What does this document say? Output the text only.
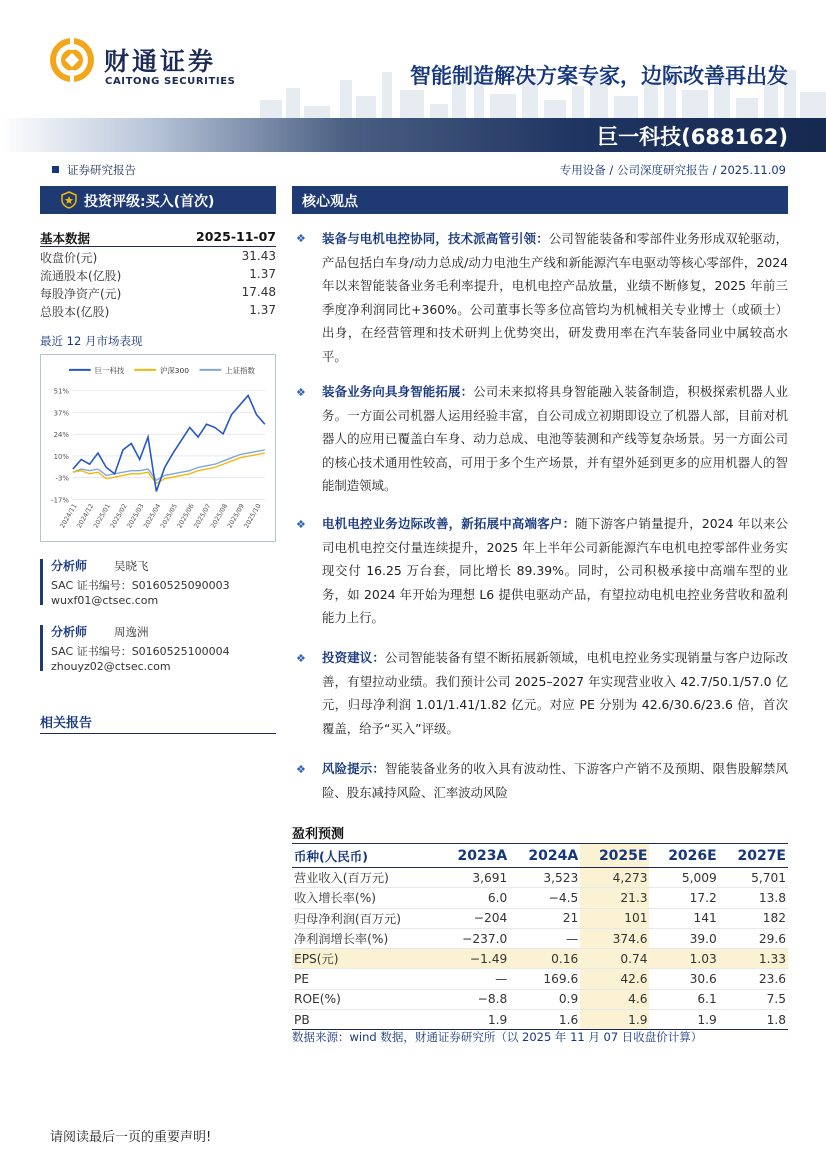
财通证券
CAITONG SECURITIES	智能制造解决方案专家，边际改善再出发
巨一科技(688162)
证券研究报告	专用设备 / 公司深度研究报告 / 2025.11.09
投资评级:买入(首次)
基本数据	2025-11-07
收盘价(元)	31.43
流通股本(亿股)	1.37
每股净资产(元)	17.48
总股本(亿股)	1.37
最近 12 月市场表现
巨一科技	沪深300	上证指数
51%
37%
24%
10%
-3%
-17%
2024/11
2024/12
2025/01
2025/02
2025/03
2025/04
2025/05
2025/06
2025/07
2025/08
2025/09
2025/10
分析师 吴晓飞
SAC 证书编号：S0160525090003
wuxf01@ctsec.com
分析师 周逸洲
SAC 证书编号：S0160525100004
zhouyz02@ctsec.com
相关报告
核心观点
❖ 装备与电机电控协同，技术派高管引领：公司智能装备和零部件业务形成双轮驱动，产品包括白车身/动力总成/动力电池生产线和新能源汽车电驱动等核心零部件，2024 年以来智能装备业务毛利率提升，电机电控产品放量，业绩不断修复，2025 年前三季度净利润同比+360%。公司董事长等多位高管均为机械相关专业博士（或硕士）出身，在经营管理和技术研判上优势突出，研发费用率在汽车装备同业中属较高水平。
❖ 装备业务向具身智能拓展：公司未来拟将具身智能融入装备制造，积极探索机器人业务。一方面公司机器人运用经验丰富，自公司成立初期即设立了机器人部，目前对机器人的应用已覆盖白车身、动力总成、电池等装测和产线等复杂场景。另一方面公司的核心技术通用性较高，可用于多个生产场景，并有望外延到更多的应用机器人的智能制造领域。
❖ 电机电控业务边际改善，新拓展中高端客户：随下游客户销量提升，2024 年以来公司电机电控交付量连续提升，2025 年上半年公司新能源汽车电机电控零部件业务实现交付 16.25 万台套，同比增长 89.39%。同时，公司积极承接中高端车型的业务，如 2024 年开始为理想 L6 提供电驱动产品，有望拉动电机电控业务营收和盈利能力上行。
❖ 投资建议：公司智能装备有望不断拓展新领域，电机电控业务实现销量与客户边际改善，有望拉动业绩。我们预计公司 2025–2027 年实现营业收入 42.7/50.1/57.0 亿元，归母净利润 1.01/1.41/1.82 亿元。对应 PE 分别为 42.6/30.6/23.6 倍，首次覆盖，给予“买入”评级。
❖ 风险提示：智能装备业务的收入具有波动性、下游客户产销不及预期、限售股解禁风险、股东减持风险、汇率波动风险
盈利预测
币种(人民币)	2023A	2024A	2025E	2026E	2027E
营业收入(百万元)	3,691	3,523	4,273	5,009	5,701
收入增长率(%)	6.0	−4.5	21.3	17.2	13.8
归母净利润(百万元)	−204	21	101	141	182
净利润增长率(%)	−237.0	—	374.6	39.0	29.6
EPS(元)	−1.49	0.16	0.74	1.03	1.33
PE	—	169.6	42.6	30.6	23.6
ROE(%)	−8.8	0.9	4.6	6.1	7.5
PB	1.9	1.6	1.9	1.9	1.8
数据来源：wind 数据，财通证券研究所（以 2025 年 11 月 07 日收盘价计算）
请阅读最后一页的重要声明!
